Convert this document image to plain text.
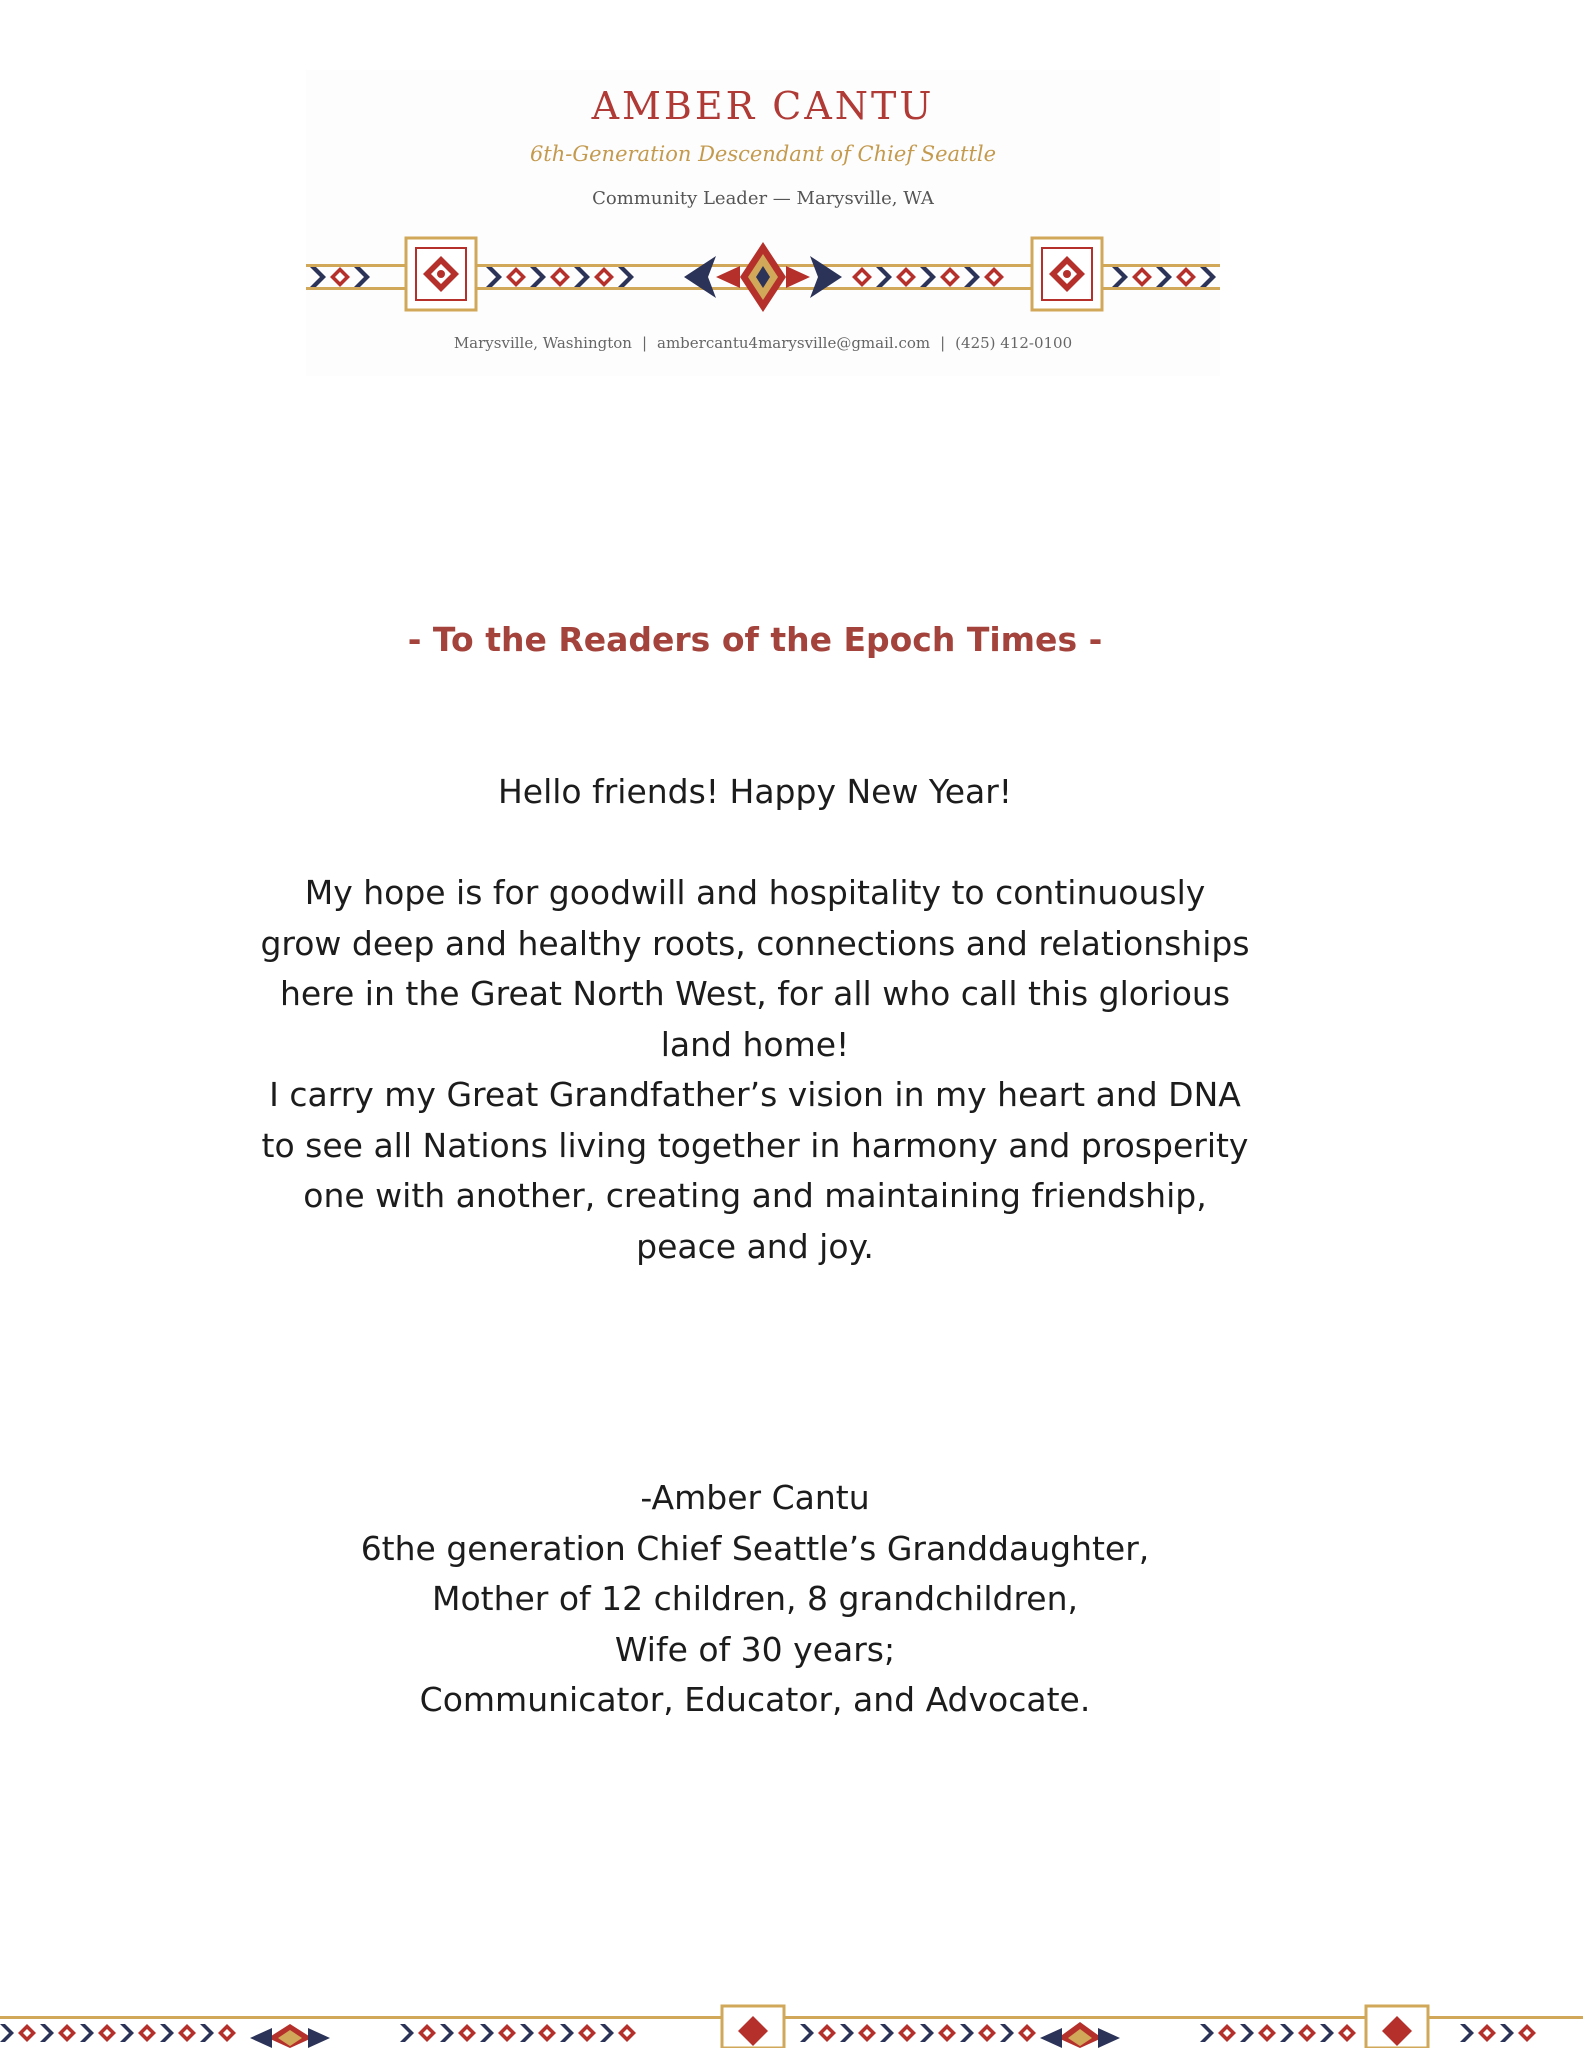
AMBER CANTU
6th-Generation Descendant of Chief Seattle
Community Leader — Marysville, WA
Marysville, Washington | ambercantu4marysville@gmail.com | (425) 412-0100
- To the Readers of the Epoch Times -
Hello friends! Happy New Year!
My hope is for goodwill and hospitality to continuously
grow deep and healthy roots, connections and relationships
here in the Great North West, for all who call this glorious
land home!
I carry my Great Grandfather’s vision in my heart and DNA
to see all Nations living together in harmony and prosperity
one with another, creating and maintaining friendship,
peace and joy.
-Amber Cantu
6the generation Chief Seattle’s Granddaughter,
Mother of 12 children, 8 grandchildren,
Wife of 30 years;
Communicator, Educator, and Advocate.
